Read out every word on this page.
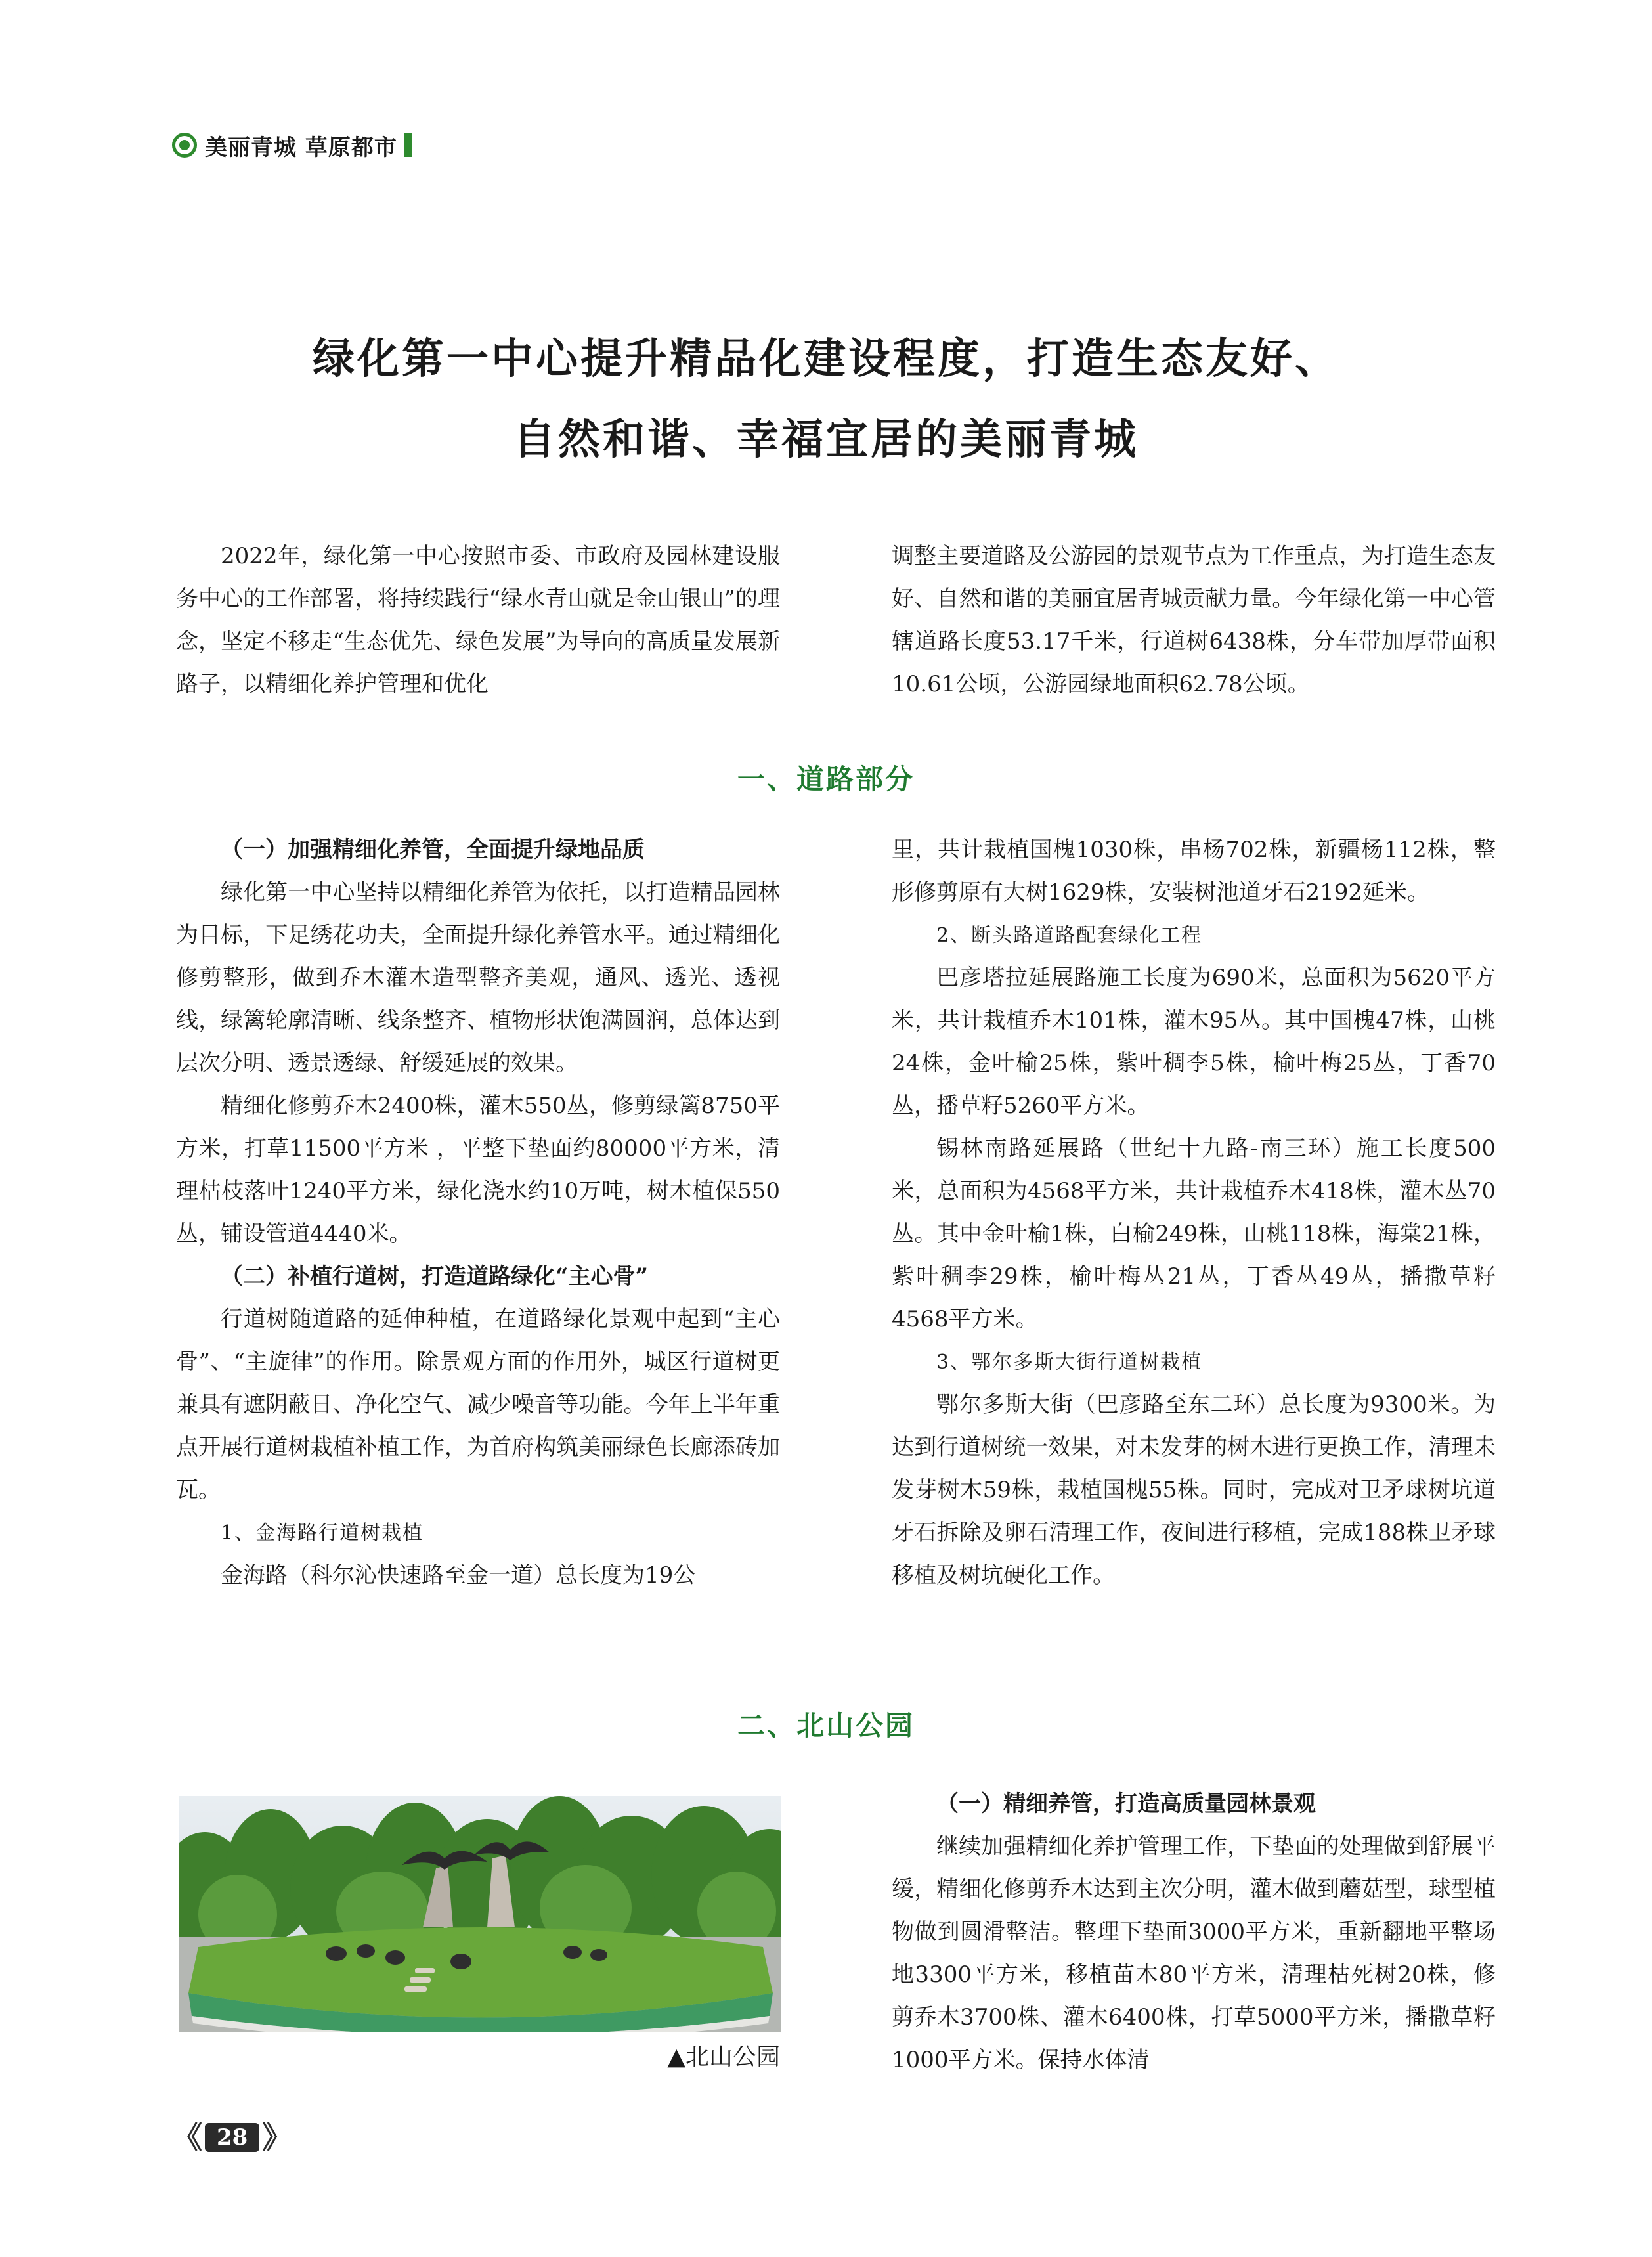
美丽青城 草原都市
绿化第一中心提升精品化建设程度，打造生态友好、
自然和谐、幸福宜居的美丽青城

2022年，绿化第一中心按照市委、市政府及园林建设服务中心的工作部署，将持续践行“绿水青山就是金山银山”的理念，坚定不移走“生态优先、绿色发展”为导向的高质量发展新路子，以精细化养护管理和优化

调整主要道路及公游园的景观节点为工作重点，为打造生态友好、自然和谐的美丽宜居青城贡献力量。今年绿化第一中心管辖道路长度53.17千米，行道树6438株，分车带加厚带面积10.61公顷，公游园绿地面积62.78公顷。

一、道路部分

（一）加强精细化养管，全面提升绿地品质

绿化第一中心坚持以精细化养管为依托，以打造精品园林为目标，下足绣花功夫，全面提升绿化养管水平。通过精细化修剪整形，做到乔木灌木造型整齐美观，通风、透光、透视线，绿篱轮廓清晰、线条整齐、植物形状饱满圆润，总体达到层次分明、透景透绿、舒缓延展的效果。

精细化修剪乔木2400株，灌木550丛，修剪绿篱8750平方米，打草11500平方米 ，平整下垫面约80000平方米，清理枯枝落叶1240平方米，绿化浇水约10万吨，树木植保550丛，铺设管道4440米。

（二）补植行道树，打造道路绿化“主心骨”

行道树随道路的延伸种植，在道路绿化景观中起到“主心骨”、“主旋律”的作用。除景观方面的作用外，城区行道树更兼具有遮阴蔽日、净化空气、减少噪音等功能。今年上半年重点开展行道树栽植补植工作，为首府构筑美丽绿色长廊添砖加瓦。

1、金海路行道树栽植

金海路（科尔沁快速路至金一道）总长度为19公

里，共计栽植国槐1030株，串杨702株，新疆杨112株，整形修剪原有大树1629株，安装树池道牙石2192延米。

2、断头路道路配套绿化工程

巴彦塔拉延展路施工长度为690米，总面积为5620平方米，共计栽植乔木101株，灌木95丛。其中国槐47株，山桃24株，金叶榆25株，紫叶稠李5株，榆叶梅25丛，丁香70丛，播草籽5260平方米。

锡林南路延展路（世纪十九路-南三环）施工长度500米，总面积为4568平方米，共计栽植乔木418株，灌木丛70丛。其中金叶榆1株，白榆249株，山桃118株，海棠21株，紫叶稠李29株，榆叶梅丛21丛，丁香丛49丛，播撒草籽4568平方米。

3、鄂尔多斯大街行道树栽植

鄂尔多斯大街（巴彦路至东二环）总长度为9300米。为达到行道树统一效果，对未发芽的树木进行更换工作，清理未发芽树木59株，栽植国槐55株。同时，完成对卫矛球树坑道牙石拆除及卵石清理工作，夜间进行移植，完成188株卫矛球移植及树坑硬化工作。

二、北山公园
▲北山公园

（一）精细养管，打造高质量园林景观

继续加强精细化养护管理工作，下垫面的处理做到舒展平缓，精细化修剪乔木达到主次分明，灌木做到蘑菇型，球型植物做到圆滑整洁。整理下垫面3000平方米，重新翻地平整场地3300平方米，移植苗木80平方米，清理枯死树20株，修剪乔木3700株、灌木6400株，打草5000平方米，播撒草籽1000平方米。保持水体清

《 28 》
